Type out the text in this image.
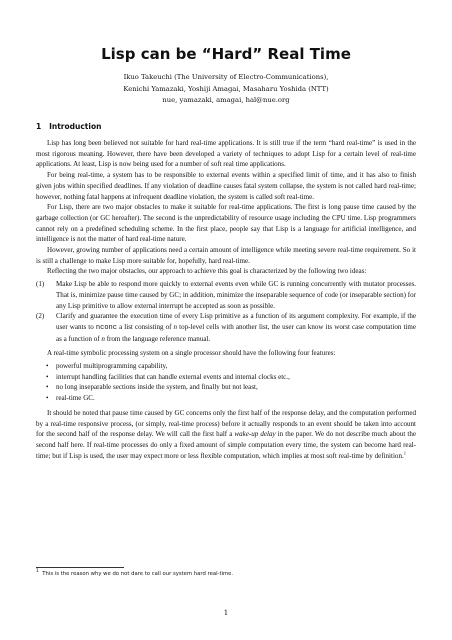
Lisp can be “Hard” Real Time
Ikuo Takeuchi (The University of Electro-Communications),
Kenichi Yamazaki, Yoshiji Amagai, Masaharu Yoshida (NTT)
nue, yamazaki, amagai, hal@nue.org
1 Introduction

Lisp has long been believed not suitable for hard real-time applications. It is still true if the term “hard real-time” is used in the most rigorous meaning. However, there have been developed a variety of techniques to adopt Lisp for a certain level of real-time applications. At least, Lisp is now being used for a number of soft real time applications.

For being real-time, a system has to be responsible to external events within a specified limit of time, and it has also to finish given jobs within specified deadlines. If any violation of deadline causes fatal system collapse, the system is not called hard real-time; however, nothing fatal happens at infrequent deadline violation, the system is called soft real-time.

For Lisp, there are two major obstacles to make it suitable for real-time applications. The first is long pause time caused by the garbage collection (or GC hereafter). The second is the unpredictability of resource usage including the CPU time. Lisp programmers cannot rely on a predefined scheduling scheme. In the first place, people say that Lisp is a language for artificial intelligence, and intelligence is not the matter of hard real-time nature.

However, growing number of applications need a certain amount of intelligence while meeting severe real-time requirement. So it is still a challenge to make Lisp more suitable for, hopefully, hard real-time.

Reflecting the two major obstacles, our approach to achieve this goal is characterized by the following two ideas:

(1) Make Lisp be able to respond more quickly to external events even while GC is running concurrently with mutator processes. That is, minimize pause time caused by GC; in addition, minimize the inseparable sequence of code (or inseparable section) for any Lisp primitive to allow external interrupt be accepted as soon as possible.
(2) Clarify and guarantee the execution time of every Lisp primitive as a function of its argument complexity. For example, if the user wants to nconc a list consisting of n top-level cells with another list, the user can know its worst case computation time as a function of n from the language reference manual.

A real-time symbolic processing system on a single processor should have the following four features:

• powerful multiprogramming capability,
• interrupt handling facilities that can handle external events and internal clocks etc.,
• no long inseparable sections inside the system, and finally but not least,
• real-time GC.

It should be noted that pause time caused by GC concerns only the first half of the response delay, and the computation performed by a real-time responsive process, (or simply, real-time process) before it actually responds to an event should be taken into account for the second half of the response delay. We will call the first half a wake-up delay in the paper. We do not describe much about the second half here. If real-time processes do only a fixed amount of simple computation every time, the system can become hard real-time; but if Lisp is used, the user may expect more or less flexible computation, which implies at most soft real-time by definition.$^1$

$^1$ This is the reason why we do not dare to call our system hard real-time.
1
